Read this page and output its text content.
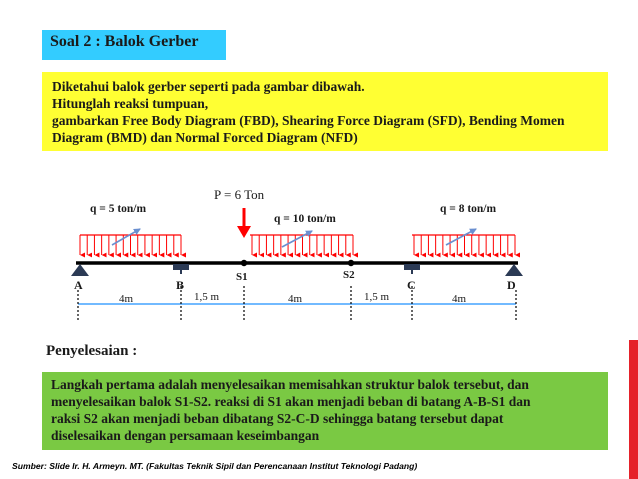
Soal 2 : Balok Gerber
Diketahui balok gerber seperti pada gambar dibawah.
Hitunglah reaksi tumpuan,
gambarkan Free Body Diagram (FBD), Shearing Force Diagram (SFD), Bending Momen
Diagram (BMD) dan Normal Forced Diagram (NFD)
q = 5 ton/m
P = 6 Ton
q = 10 ton/m
q = 8 ton/m
A	B
S1	S2
C	D
4m	1,5 m	4m	1,5 m	4m
Penyelesaian :
Langkah pertama adalah menyelesaikan memisahkan struktur balok tersebut, dan
menyelesaikan balok S1-S2. reaksi di S1 akan menjadi beban di batang A-B-S1 dan
raksi S2 akan menjadi beban dibatang S2-C-D sehingga batang tersebut dapat
diselesaikan dengan persamaan keseimbangan
Sumber: Slide Ir. H. Armeyn. MT. (Fakultas Teknik Sipil dan Perencanaan Institut Teknologi Padang)
